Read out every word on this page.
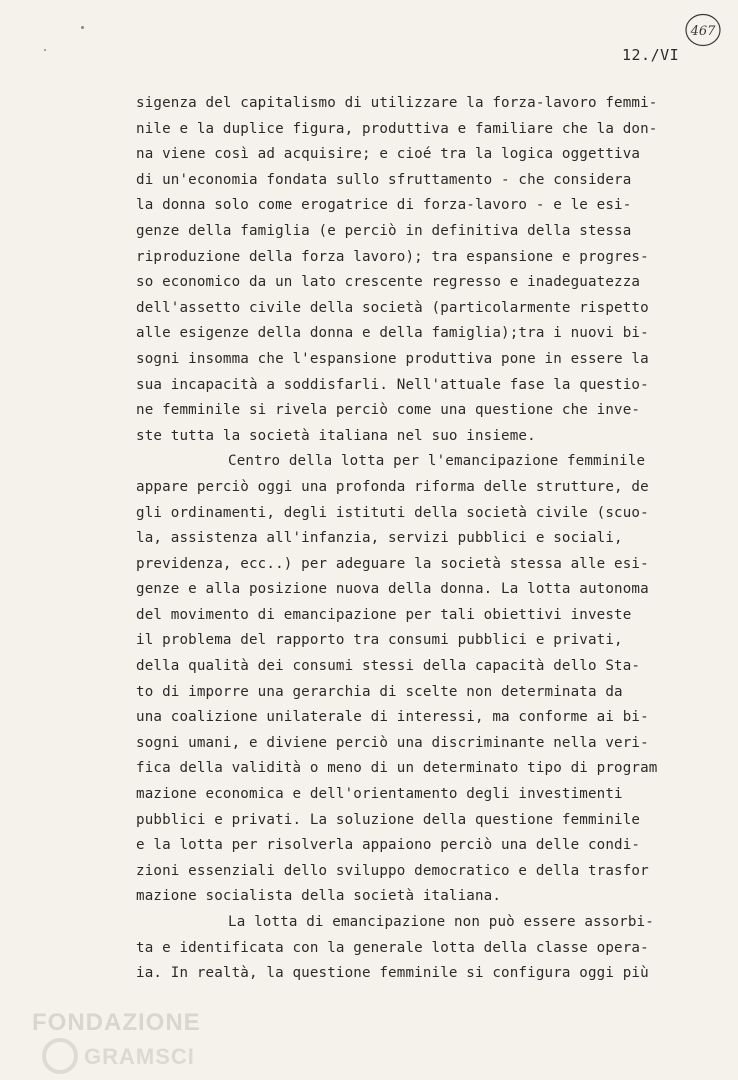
467
12./VI
sigenza del capitalismo di utilizzare la forza-lavoro femmi-
nile e la duplice figura, produttiva e familiare che la don-
na viene così ad acquisire; e cioé tra la logica oggettiva
di un'economia fondata sullo sfruttamento - che considera
la donna solo come erogatrice di forza-lavoro - e le esi-
genze della famiglia (e perciò in definitiva della stessa
riproduzione della forza lavoro); tra espansione e progres-
so economico da un lato crescente regresso e inadeguatezza
dell'assetto civile della società (particolarmente rispetto
alle esigenze della donna e della famiglia);tra i nuovi bi-
sogni insomma che l'espansione produttiva pone in essere la
sua incapacità a soddisfarli. Nell'attuale fase la questio-
ne femminile si rivela perciò come una questione che inve-
ste tutta la società italiana nel suo insieme.
Centro della lotta per l'emancipazione femminile
appare perciò oggi una profonda riforma delle strutture, de
gli ordinamenti, degli istituti della società civile (scuo-
la, assistenza all'infanzia, servizi pubblici e sociali,
previdenza, ecc..) per adeguare la società stessa alle esi-
genze e alla posizione nuova della donna. La lotta autonoma
del movimento di emancipazione per tali obiettivi investe
il problema del rapporto tra consumi pubblici e privati,
della qualità dei consumi stessi della capacità dello Sta-
to di imporre una gerarchia di scelte non determinata da
una coalizione unilaterale di interessi, ma conforme ai bi-
sogni umani, e diviene perciò una discriminante nella veri-
fica della validità o meno di un determinato tipo di program
mazione economica e dell'orientamento degli investimenti
pubblici e privati. La soluzione della questione femminile
e la lotta per risolverla appaiono perciò una delle condi-
zioni essenziali dello sviluppo democratico e della trasfor
mazione socialista della società italiana.
La lotta di emancipazione non può essere assorbi-
ta e identificata con la generale lotta della classe opera-
ia. In realtà, la questione femminile si configura oggi più
FONDAZIONE
GRAMSCI
